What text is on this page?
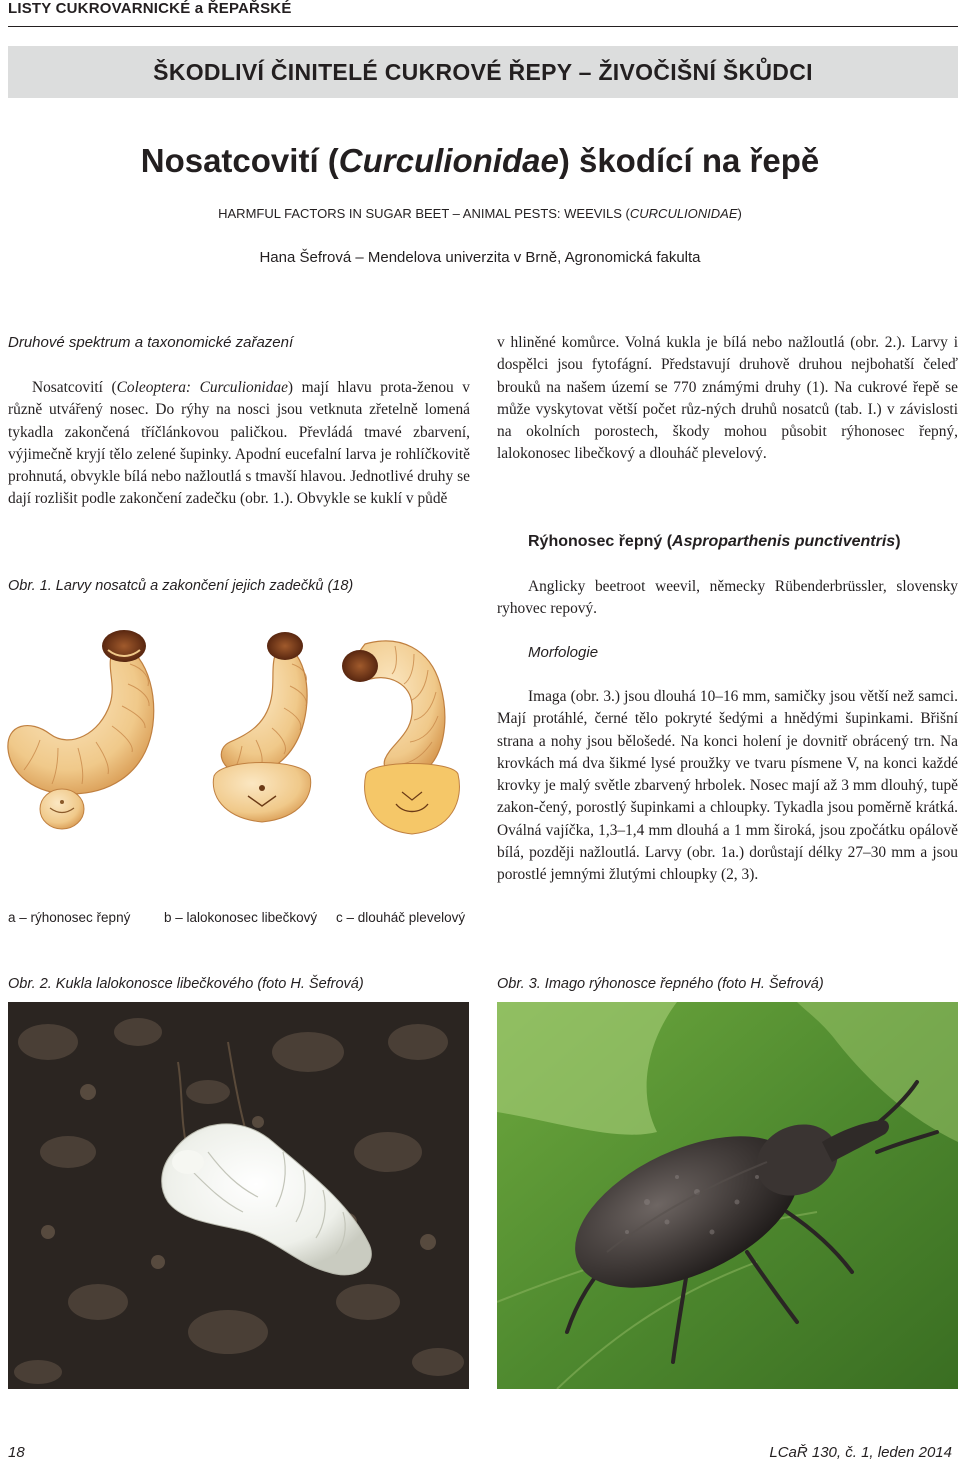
LISTY CUKROVARNICKÉ a ŘEPAŘSKÉ
ŠKODLIVÍ ČINITELÉ CUKROVÉ ŘEPY – ŽIVOČIŠNÍ ŠKŮDCI
Nosatcovití (Curculionidae) škodící na řepě
HARMFUL FACTORS IN SUGAR BEET – ANIMAL PESTS: WEEVILS (CURCULIONIDAE)
Hana Šefrová – Mendelova univerzita v Brně, Agronomická fakulta
Druhové spektrum a taxonomické zařazení
Nosatcovití (Coleoptera: Curculionidae) mají hlavu prota-ženou v různě utvářený nosec. Do rýhy na nosci jsou vetknuta zřetelně lomená tykadla zakončená tříčlánkovou paličkou. Převládá tmavé zbarvení, výjimečně kryjí tělo zelené šupinky. Apodní eucefalní larva je rohlíčkovitě prohnutá, obvykle bílá nebo nažloutlá s tmavší hlavou. Jednotlivé druhy se dají rozlišit podle zakončení zadečku (obr. 1.). Obvykle se kuklí v půdě
Obr. 1. Larvy nosatců a zakončení jejich zadečků (18)
a – rýhonosec řepný b – lalokonosec libečkový c – dlouháč plevelový
v hliněné komůrce. Volná kukla je bílá nebo nažloutlá (obr. 2.). Larvy i dospělci jsou fytofágní. Představují druhově druhou nejbohatší čeleď brouků na našem území se 770 známými druhy (1). Na cukrové řepě se může vyskytovat větší počet růz-ných druhů nosatců (tab. I.) v závislosti na okolních porostech, škody mohou působit rýhonosec řepný, lalokonosec libečkový a dlouháč plevelový.
Rýhonosec řepný (Asproparthenis punctiventris)
Anglicky beetroot weevil, německy Rübenderbrüssler, slovensky ryhovec repový.
Morfologie
Imaga (obr. 3.) jsou dlouhá 10–16 mm, samičky jsou větší než samci. Mají protáhlé, černé tělo pokryté šedými a hnědými šupinkami. Břišní strana a nohy jsou bělošedé. Na konci holení je dovnitř obrácený trn. Na krovkách má dva šikmé lysé proužky ve tvaru písmene V, na konci každé krovky je malý světle zbarvený hrbolek. Nosec mají až 3 mm dlouhý, tupě zakon-čený, porostlý šupinkami a chloupky. Tykadla jsou poměrně krátká. Oválná vajíčka, 1,3–1,4 mm dlouhá a 1 mm široká, jsou zpočátku opálově bílá, později nažloutlá. Larvy (obr. 1a.) dorůstají délky 27–30 mm a jsou porostlé jemnými žlutými chloupky (2, 3).
Obr. 2. Kukla lalokonosce libečkového (foto H. Šefrová)	Obr. 3. Imago rýhonosce řepného (foto H. Šefrová)
18	LCaŘ 130, č. 1, leden 2014
